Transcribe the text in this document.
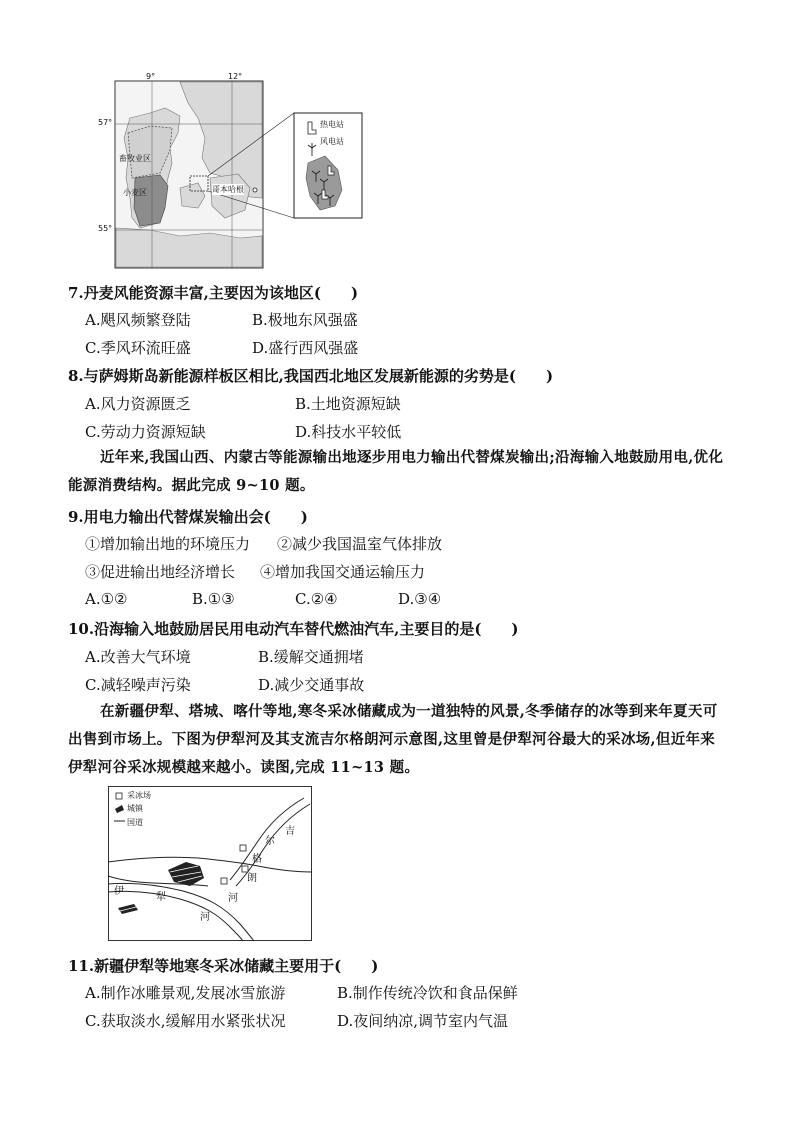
9°	12°
57°
55°
畜牧业区
小麦区	哥本哈根
热电站
风电站
7.丹麦风能资源丰富,主要因为该地区(　　)
A.飓风频繁登陆	B.极地东风强盛
C.季风环流旺盛	D.盛行西风强盛
8.与萨姆斯岛新能源样板区相比,我国西北地区发展新能源的劣势是(　　)
A.风力资源匮乏	B.土地资源短缺
C.劳动力资源短缺	D.科技水平较低
近年来,我国山西、内蒙古等能源输出地逐步用电力输出代替煤炭输出;沿海输入地鼓励用电,优化能源消费结构。据此完成 9~10 题。
9.用电力输出代替煤炭输出会(　　)
①增加输出地的环境压力 ②减少我国温室气体排放
③促进输出地经济增长 ④增加我国交通运输压力
A.①②	B.①③	C.②④	D.③④
10.沿海输入地鼓励居民用电动汽车替代燃油汽车,主要目的是(　　)
A.改善大气环境	B.缓解交通拥堵
C.减轻噪声污染	D.减少交通事故
在新疆伊犁、塔城、喀什等地,寒冬采冰储藏成为一道独特的风景,冬季储存的冰等到来年夏天可出售到市场上。下图为伊犁河及其支流吉尔格朗河示意图,这里曾是伊犁河谷最大的采冰场,但近年来伊犁河谷采冰规模越来越小。读图,完成 11~13 题。
采冰场
城镇
国道
吉
尔
格
朗
河
伊
犁
河
11.新疆伊犁等地寒冬采冰储藏主要用于(　　)
A.制作冰雕景观,发展冰雪旅游	B.制作传统冷饮和食品保鲜
C.获取淡水,缓解用水紧张状况	D.夜间纳凉,调节室内气温
